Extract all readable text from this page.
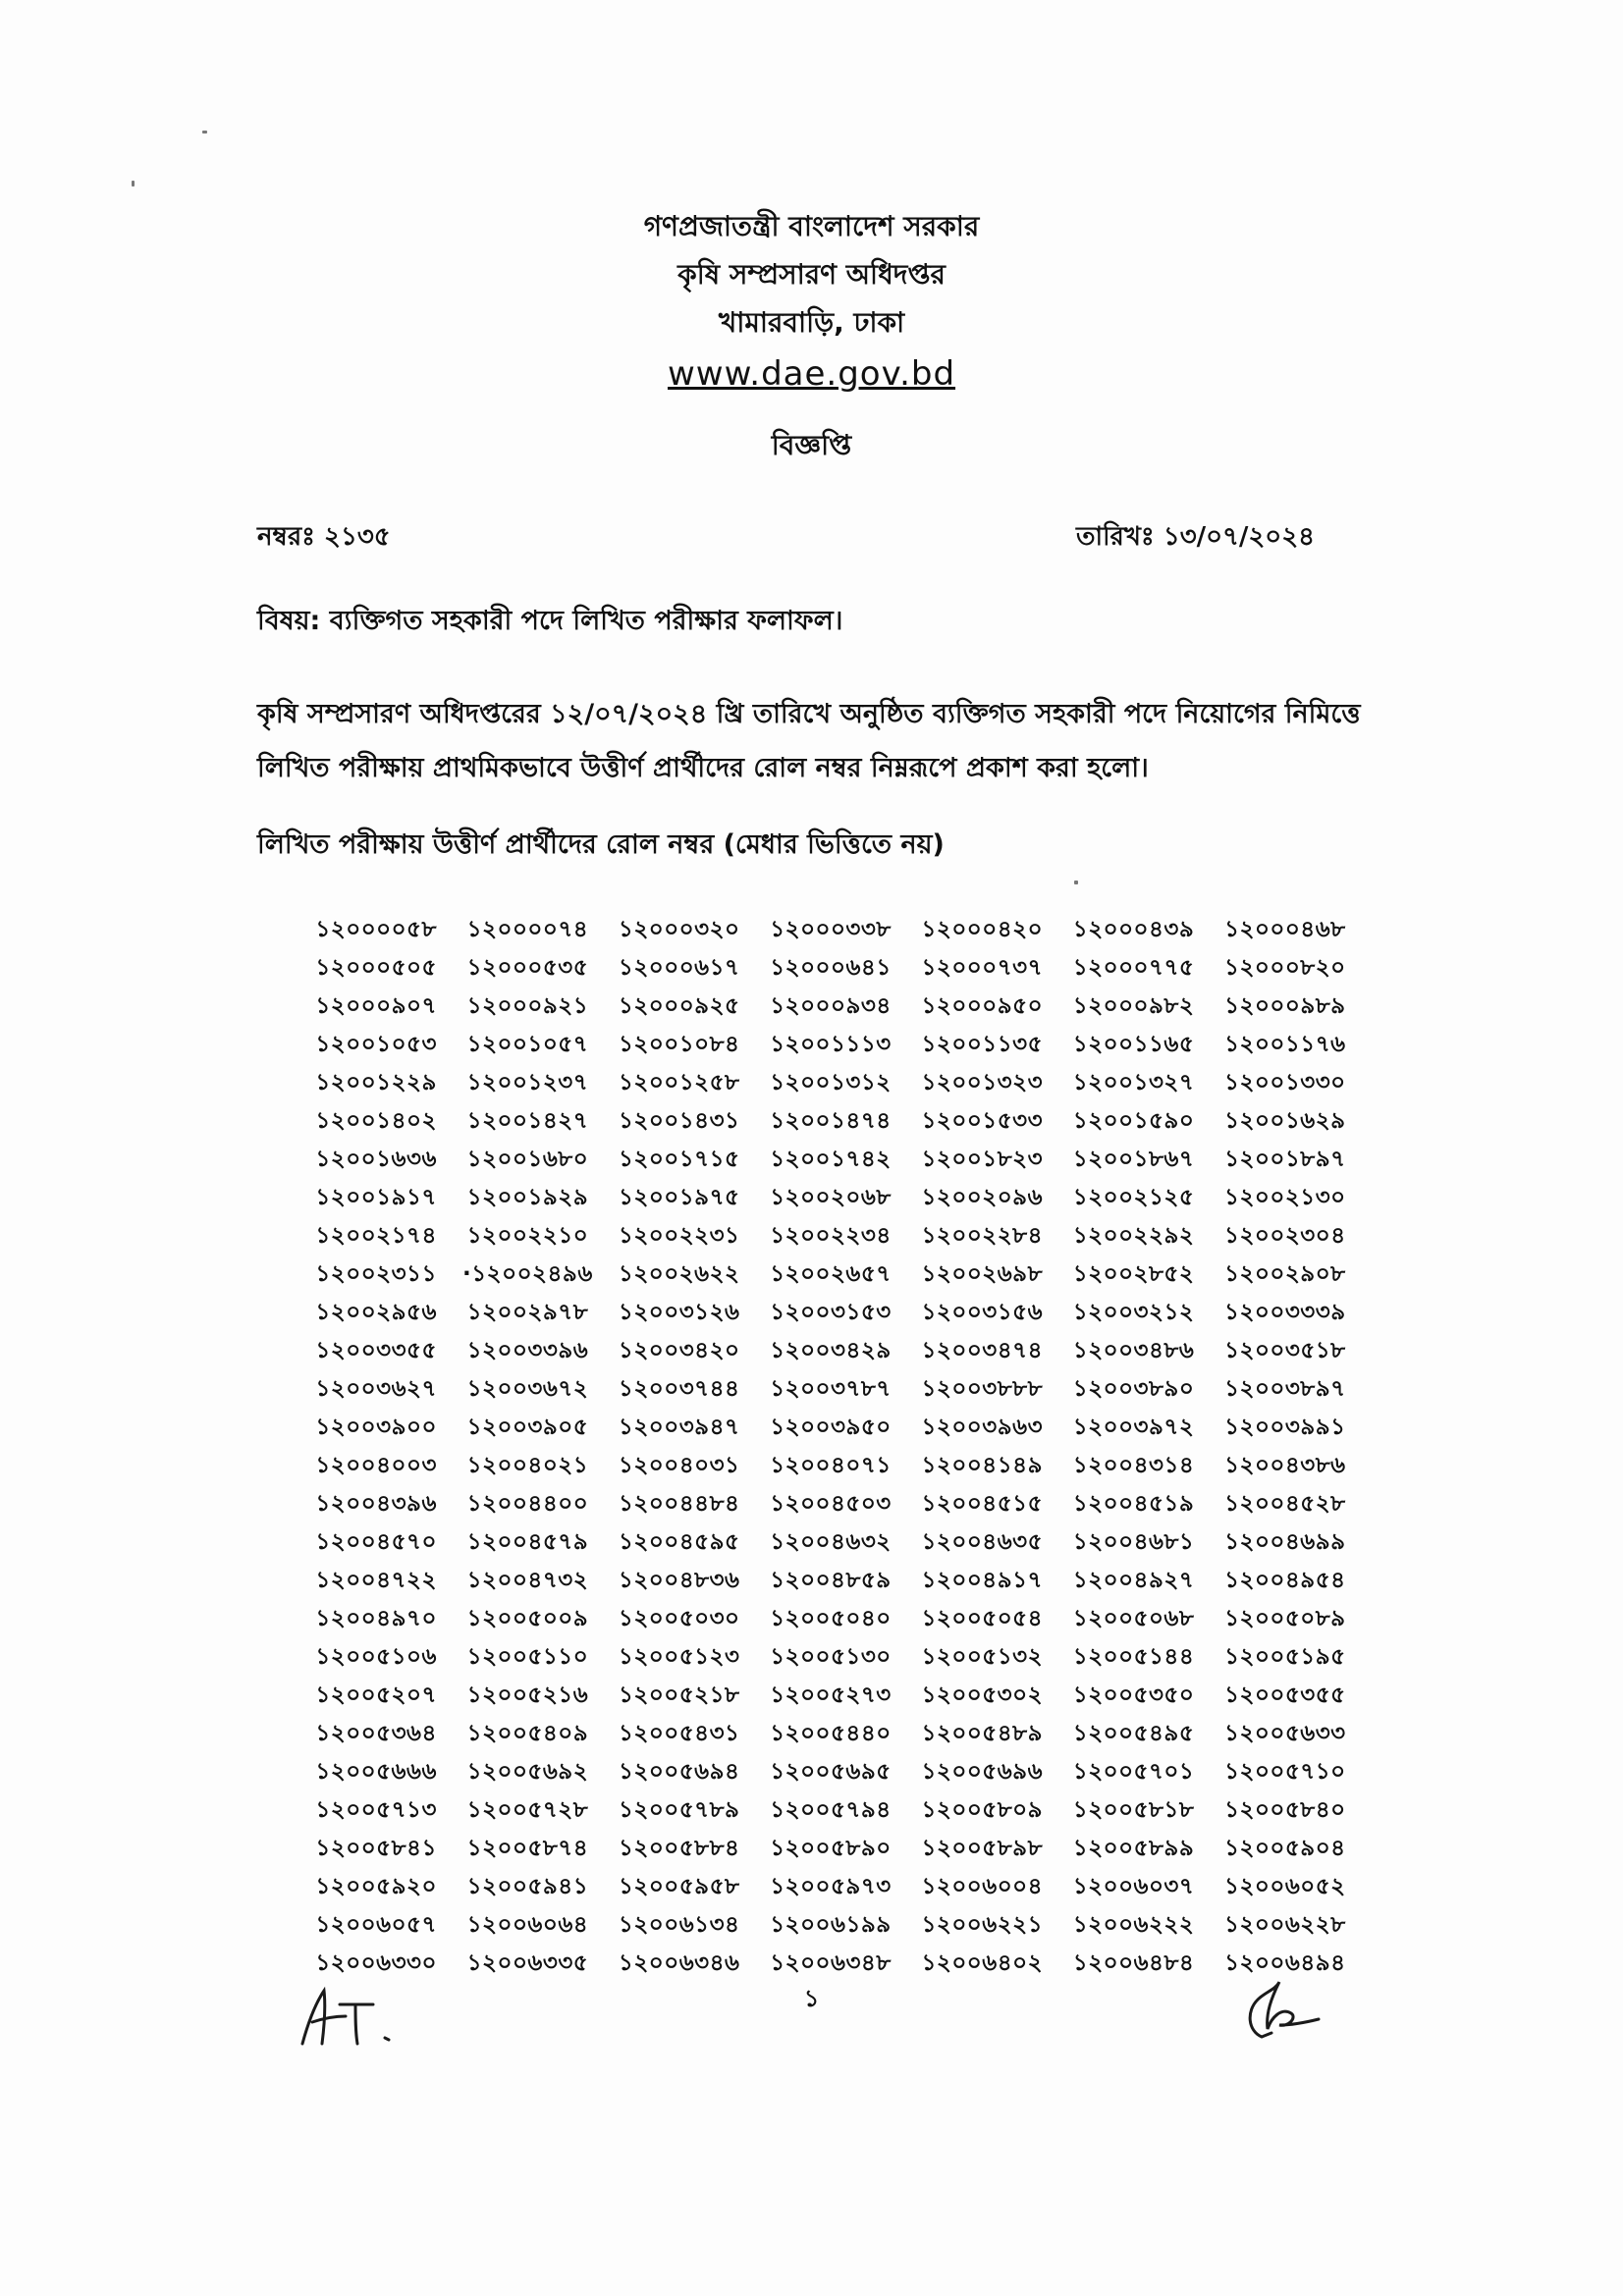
গণপ্রজাতন্ত্রী বাংলাদেশ সরকার
কৃষি সম্প্রসারণ অধিদপ্তর
খামারবাড়ি, ঢাকা
www.dae.gov.bd
বিজ্ঞপ্তি
নম্বরঃ ২১৩৫	তারিখঃ ১৩/০৭/২০২৪
বিষয়: ব্যক্তিগত সহকারী পদে লিখিত পরীক্ষার ফলাফল।
কৃষি সম্প্রসারণ অধিদপ্তরের ১২/০৭/২০২৪ খ্রি তারিখে অনুষ্ঠিত ব্যক্তিগত সহকারী পদে নিয়োগের নিমিত্তে লিখিত পরীক্ষায় প্রাথমিকভাবে উত্তীর্ণ প্রার্থীদের রোল নম্বর নিম্নরূপে প্রকাশ করা হলো।
লিখিত পরীক্ষায় উত্তীর্ণ প্রার্থীদের রোল নম্বর (মেধার ভিত্তিতে নয়)
১২০০০০৫৮	১২০০০০৭৪	১২০০০৩২০	১২০০০৩৩৮	১২০০০৪২০	১২০০০৪৩৯	১২০০০৪৬৮
১২০০০৫০৫	১২০০০৫৩৫	১২০০০৬১৭	১২০০০৬৪১	১২০০০৭৩৭	১২০০০৭৭৫	১২০০০৮২০
১২০০০৯০৭	১২০০০৯২১	১২০০০৯২৫	১২০০০৯৩৪	১২০০০৯৫০	১২০০০৯৮২	১২০০০৯৮৯
১২০০১০৫৩	১২০০১০৫৭	১২০০১০৮৪	১২০০১১১৩	১২০০১১৩৫	১২০০১১৬৫	১২০০১১৭৬
১২০০১২২৯	১২০০১২৩৭	১২০০১২৫৮	১২০০১৩১২	১২০০১৩২৩	১২০০১৩২৭	১২০০১৩৩০
১২০০১৪০২	১২০০১৪২৭	১২০০১৪৩১	১২০০১৪৭৪	১২০০১৫৩৩	১২০০১৫৯০	১২০০১৬২৯
১২০০১৬৩৬	১২০০১৬৮০	১২০০১৭১৫	১২০০১৭৪২	১২০০১৮২৩	১২০০১৮৬৭	১২০০১৮৯৭
১২০০১৯১৭	১২০০১৯২৯	১২০০১৯৭৫	১২০০২০৬৮	১২০০২০৯৬	১২০০২১২৫	১২০০২১৩০
১২০০২১৭৪	১২০০২২১০	১২০০২২৩১	১২০০২২৩৪	১২০০২২৮৪	১২০০২২৯২	১২০০২৩০৪
১২০০২৩১১	·১২০০২৪৯৬	১২০০২৬২২	১২০০২৬৫৭	১২০০২৬৯৮	১২০০২৮৫২	১২০০২৯০৮
১২০০২৯৫৬	১২০০২৯৭৮	১২০০৩১২৬	১২০০৩১৫৩	১২০০৩১৫৬	১২০০৩২১২	১২০০৩৩৩৯
১২০০৩৩৫৫	১২০০৩৩৯৬	১২০০৩৪২০	১২০০৩৪২৯	১২০০৩৪৭৪	১২০০৩৪৮৬	১২০০৩৫১৮
১২০০৩৬২৭	১২০০৩৬৭২	১২০০৩৭৪৪	১২০০৩৭৮৭	১২০০৩৮৮৮	১২০০৩৮৯০	১২০০৩৮৯৭
১২০০৩৯০০	১২০০৩৯০৫	১২০০৩৯৪৭	১২০০৩৯৫০	১২০০৩৯৬৩	১২০০৩৯৭২	১২০০৩৯৯১
১২০০৪০০৩	১২০০৪০২১	১২০০৪০৩১	১২০০৪০৭১	১২০০৪১৪৯	১২০০৪৩১৪	১২০০৪৩৮৬
১২০০৪৩৯৬	১২০০৪৪০০	১২০০৪৪৮৪	১২০০৪৫০৩	১২০০৪৫১৫	১২০০৪৫১৯	১২০০৪৫২৮
১২০০৪৫৭০	১২০০৪৫৭৯	১২০০৪৫৯৫	১২০০৪৬৩২	১২০০৪৬৩৫	১২০০৪৬৮১	১২০০৪৬৯৯
১২০০৪৭২২	১২০০৪৭৩২	১২০০৪৮৩৬	১২০০৪৮৫৯	১২০০৪৯১৭	১২০০৪৯২৭	১২০০৪৯৫৪
১২০০৪৯৭০	১২০০৫০০৯	১২০০৫০৩০	১২০০৫০৪০	১২০০৫০৫৪	১২০০৫০৬৮	১২০০৫০৮৯
১২০০৫১০৬	১২০০৫১১০	১২০০৫১২৩	১২০০৫১৩০	১২০০৫১৩২	১২০০৫১৪৪	১২০০৫১৯৫
১২০০৫২০৭	১২০০৫২১৬	১২০০৫২১৮	১২০০৫২৭৩	১২০০৫৩০২	১২০০৫৩৫০	১২০০৫৩৫৫
১২০০৫৩৬৪	১২০০৫৪০৯	১২০০৫৪৩১	১২০০৫৪৪০	১২০০৫৪৮৯	১২০০৫৪৯৫	১২০০৫৬৩৩
১২০০৫৬৬৬	১২০০৫৬৯২	১২০০৫৬৯৪	১২০০৫৬৯৫	১২০০৫৬৯৬	১২০০৫৭০১	১২০০৫৭১০
১২০০৫৭১৩	১২০০৫৭২৮	১২০০৫৭৮৯	১২০০৫৭৯৪	১২০০৫৮০৯	১২০০৫৮১৮	১২০০৫৮৪০
১২০০৫৮৪১	১২০০৫৮৭৪	১২০০৫৮৮৪	১২০০৫৮৯০	১২০০৫৮৯৮	১২০০৫৮৯৯	১২০০৫৯০৪
১২০০৫৯২০	১২০০৫৯৪১	১২০০৫৯৫৮	১২০০৫৯৭৩	১২০০৬০০৪	১২০০৬০৩৭	১২০০৬০৫২
১২০০৬০৫৭	১২০০৬০৬৪	১২০০৬১৩৪	১২০০৬১৯৯	১২০০৬২২১	১২০০৬২২২	১২০০৬২২৮
১২০০৬৩৩০	১২০০৬৩৩৫	১২০০৬৩৪৬	১২০০৬৩৪৮	১২০০৬৪০২	১২০০৬৪৮৪	১২০০৬৪৯৪
১
